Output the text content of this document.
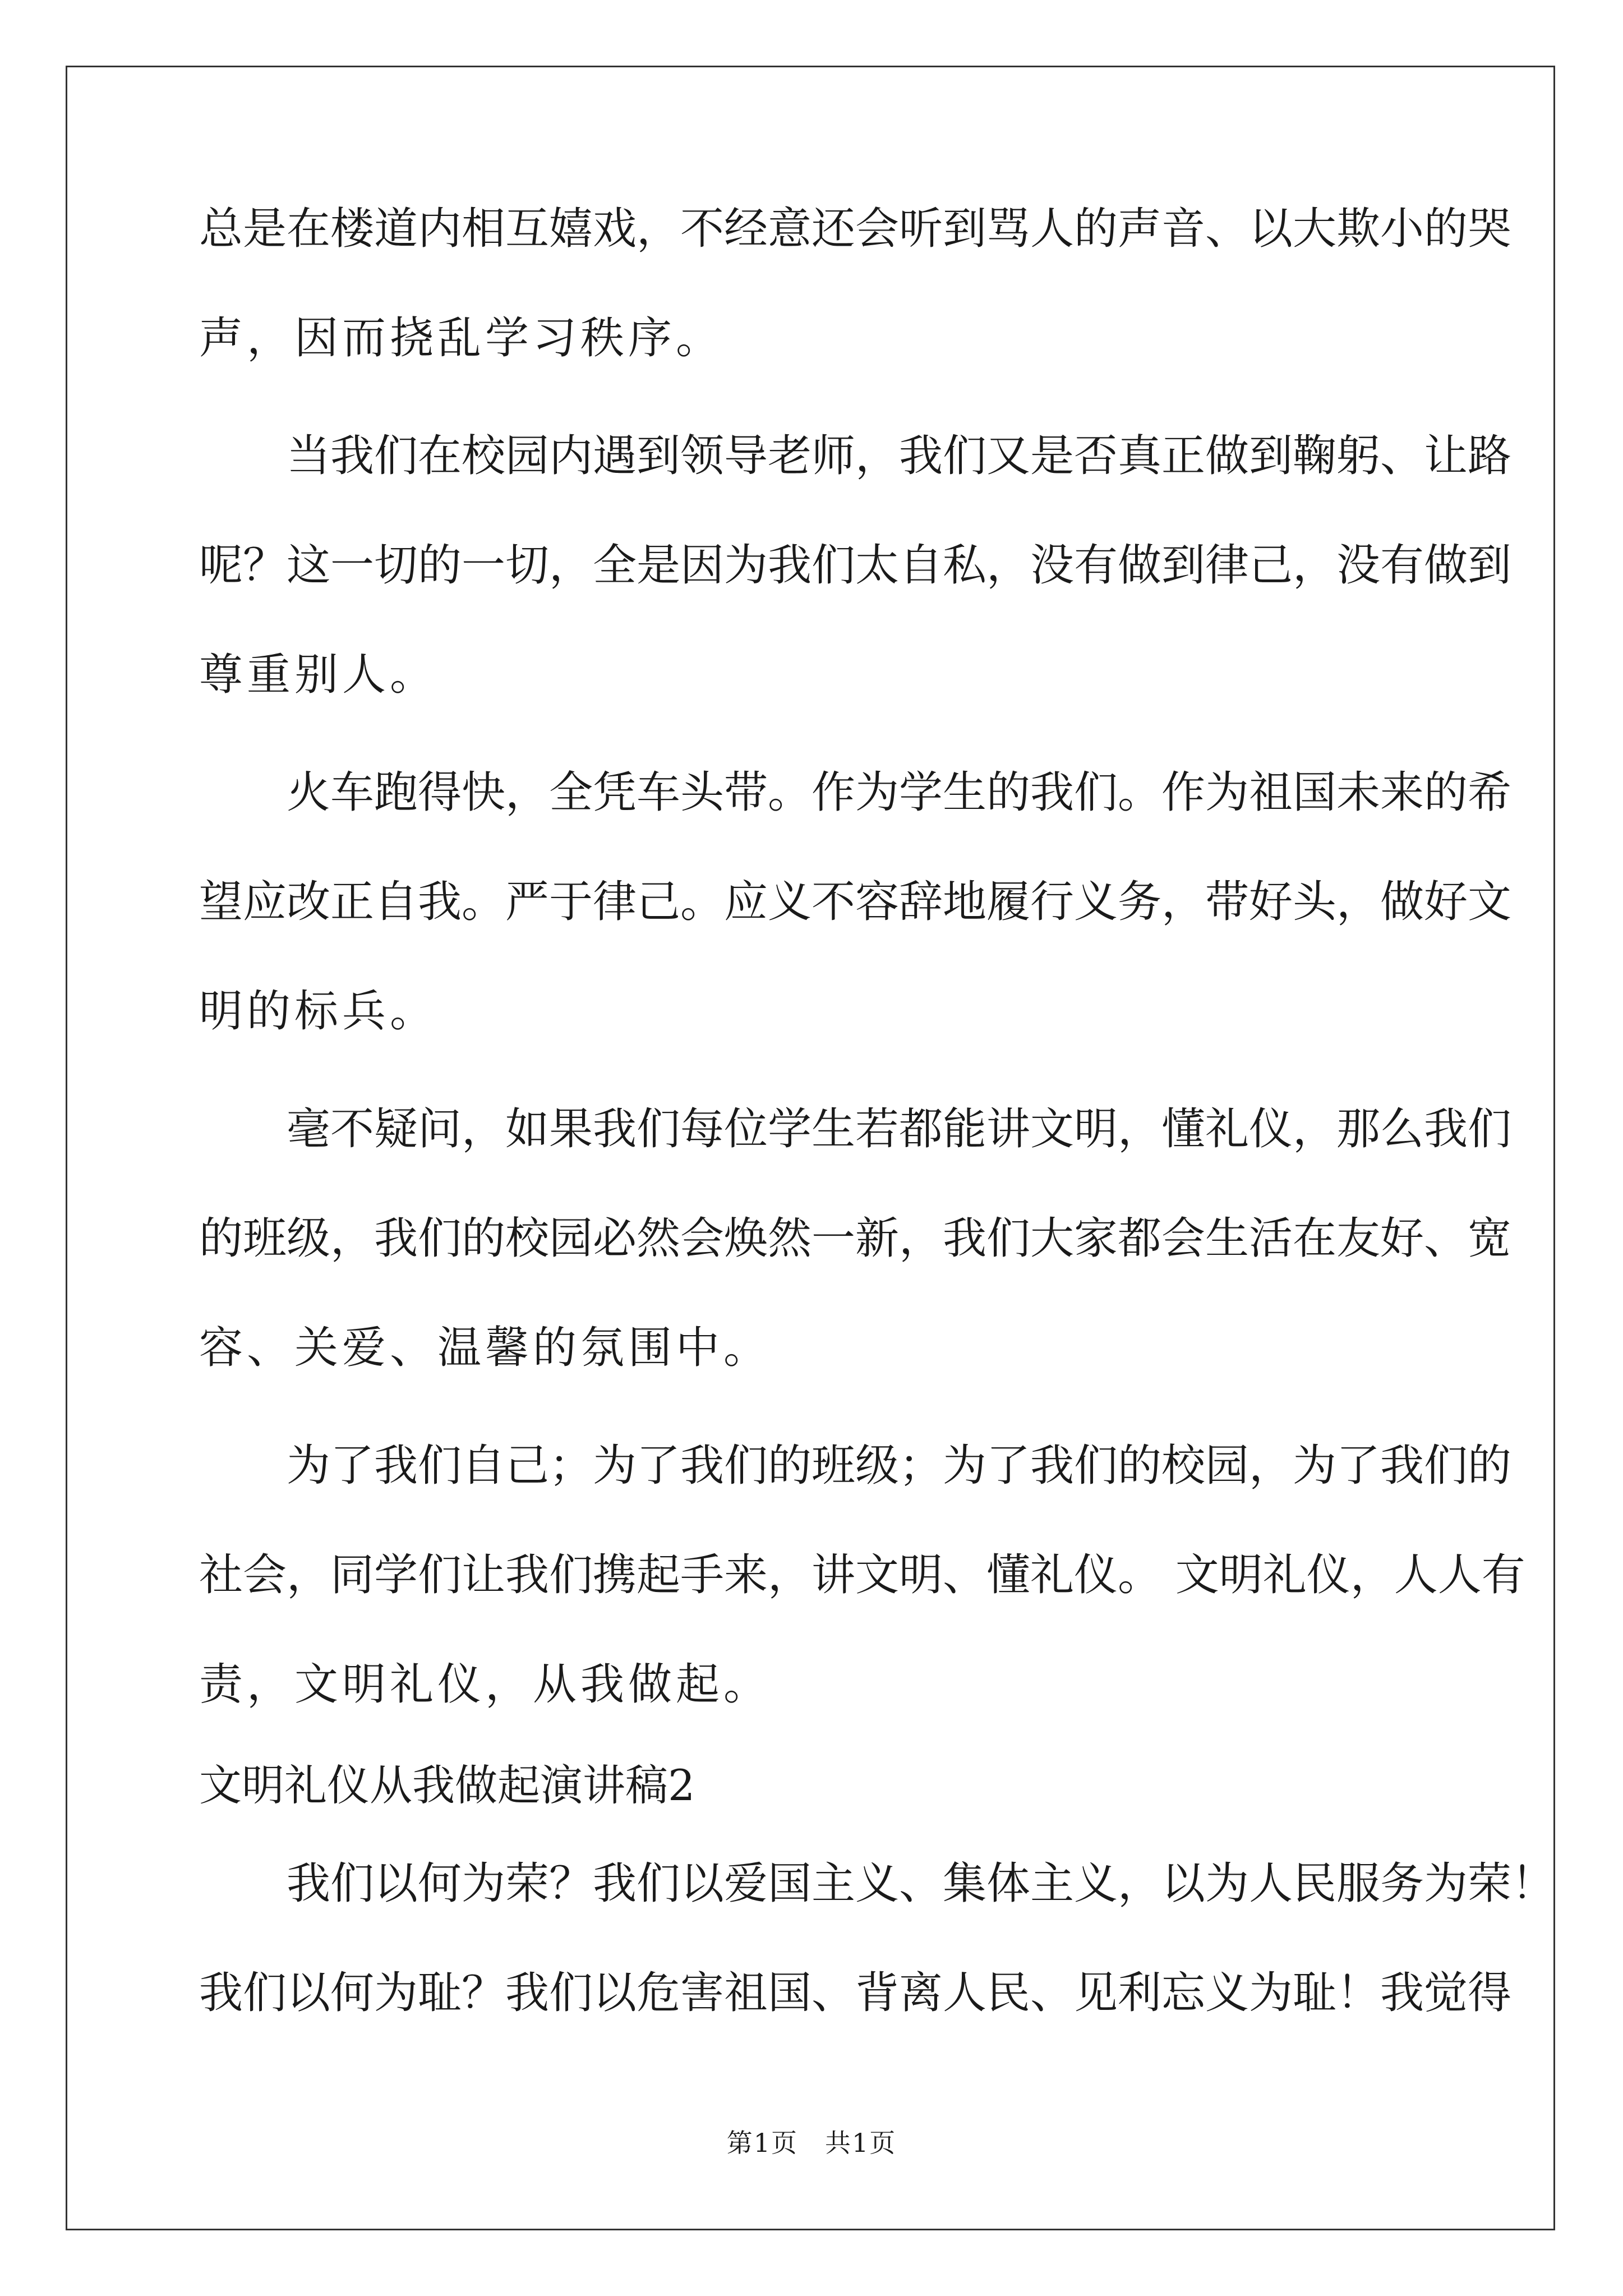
总是在楼道内相互嬉戏，不经意还会听到骂人的声音、以大欺小的哭
声，因而挠乱学习秩序。
　　当我们在校园内遇到领导老师，我们又是否真正做到鞠躬、让路
呢？这一切的一切，全是因为我们太自私，没有做到律己，没有做到
尊重别人。
　　火车跑得快，全凭车头带。作为学生的我们。作为祖国未来的希
望应改正自我。严于律己。应义不容辞地履行义务，带好头，做好文
明的标兵。
　　毫不疑问，如果我们每位学生若都能讲文明，懂礼仪，那么我们
的班级，我们的校园必然会焕然一新，我们大家都会生活在友好、宽
容、关爱、温馨的氛围中。
　　为了我们自己；为了我们的班级；为了我们的校园，为了我们的
社会，同学们让我们携起手来，讲文明、懂礼仪。 文明礼仪，人人有
责，文明礼仪，从我做起。
文明礼仪从我做起演讲稿2
　　我们以何为荣？我们以爱国主义、集体主义，以为人民服务为荣！
我们以何为耻？我们以危害祖国、背离人民、见利忘义为耻！我觉得
第1页　共1页
